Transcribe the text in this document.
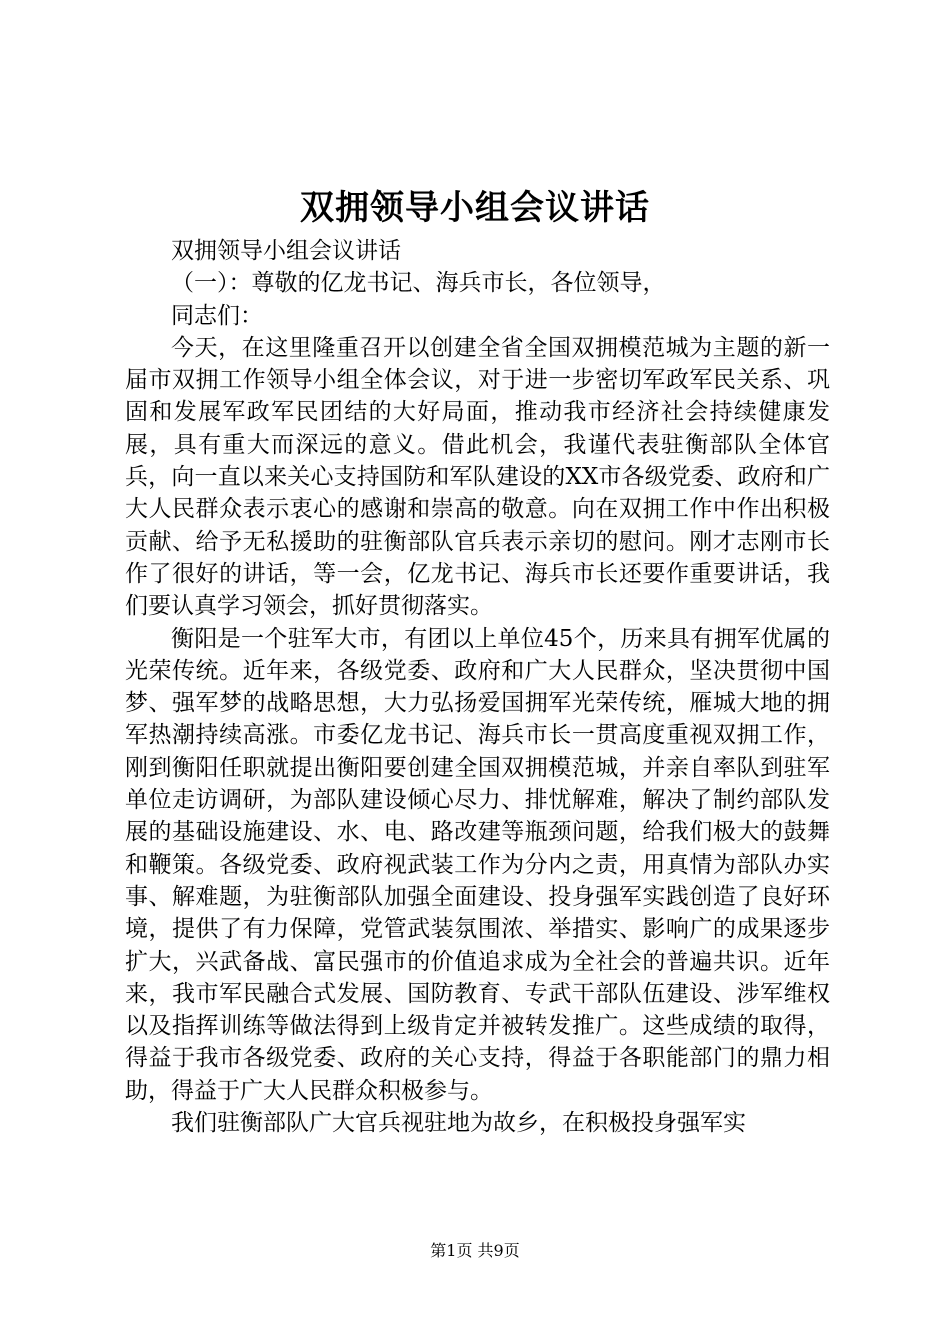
双拥领导小组会议讲话

双拥领导小组会议讲话

（一）：尊敬的亿龙书记、海兵市长，各位领导，

同志们：

今天，在这里隆重召开以创建全省全国双拥模范城为主题的新一届市双拥工作领导小组全体会议，对于进一步密切军政军民关系、巩固和发展军政军民团结的大好局面，推动我市经济社会持续健康发展，具有重大而深远的意义。借此机会，我谨代表驻衡部队全体官兵，向一直以来关心支持国防和军队建设的XX市各级党委、政府和广大人民群众表示衷心的感谢和崇高的敬意。向在双拥工作中作出积极贡献、给予无私援助的驻衡部队官兵表示亲切的慰问。刚才志刚市长作了很好的讲话，等一会，亿龙书记、海兵市长还要作重要讲话，我们要认真学习领会，抓好贯彻落实。

衡阳是一个驻军大市，有团以上单位45个，历来具有拥军优属的光荣传统。近年来，各级党委、政府和广大人民群众，坚决贯彻中国梦、强军梦的战略思想，大力弘扬爱国拥军光荣传统，雁城大地的拥军热潮持续高涨。市委亿龙书记、海兵市长一贯高度重视双拥工作，刚到衡阳任职就提出衡阳要创建全国双拥模范城，并亲自率队到驻军单位走访调研，为部队建设倾心尽力、排忧解难，解决了制约部队发展的基础设施建设、水、电、路改建等瓶颈问题，给我们极大的鼓舞和鞭策。各级党委、政府视武装工作为分内之责，用真情为部队办实事、解难题，为驻衡部队加强全面建设、投身强军实践创造了良好环境，提供了有力保障，党管武装氛围浓、举措实、影响广的成果逐步扩大，兴武备战、富民强市的价值追求成为全社会的普遍共识。近年来，我市军民融合式发展、国防教育、专武干部队伍建设、涉军维权以及指挥训练等做法得到上级肯定并被转发推广。这些成绩的取得，得益于我市各级党委、政府的关心支持，得益于各职能部门的鼎力相助，得益于广大人民群众积极参与。

我们驻衡部队广大官兵视驻地为故乡，在积极投身强军实

第1页 共9页
